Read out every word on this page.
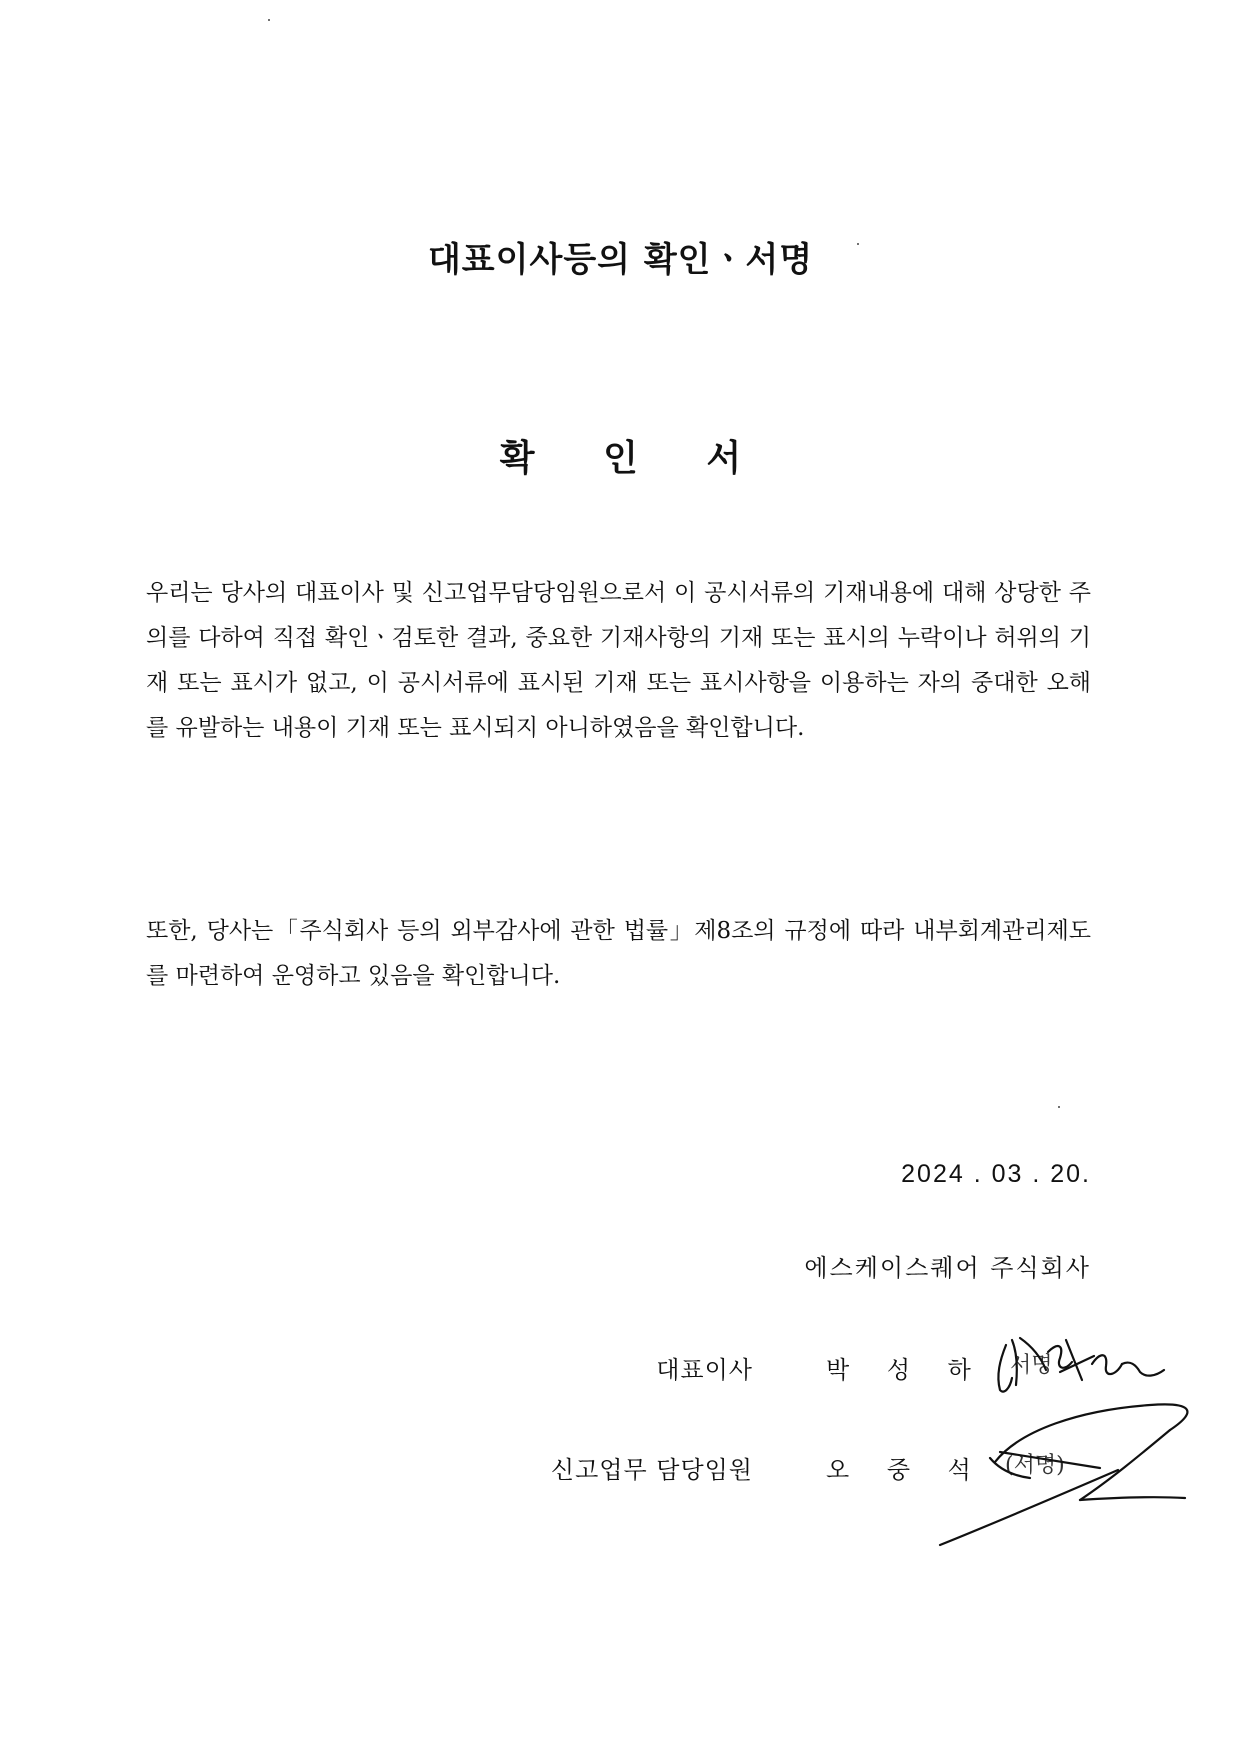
대표이사등의 확인ㆍ서명
확 인 서
우리는 당사의 대표이사 및 신고업무담당임원으로서 이 공시서류의 기재내용에 대해 상당한 주의를 다하여 직접 확인ㆍ검토한 결과, 중요한 기재사항의 기재 또는 표시의 누락이나 허위의 기재 또는 표시가 없고, 이 공시서류에 표시된 기재 또는 표시사항을 이용하는 자의 중대한 오해를 유발하는 내용이 기재 또는 표시되지 아니하였음을 확인합니다.
또한, 당사는「주식회사 등의 외부감사에 관한 법률」제8조의 규정에 따라 내부회계관리제도를 마련하여 운영하고 있음을 확인합니다.
2024 . 03 . 20.
에스케이스퀘어 주식회사
대표이사	박 성 하
신고업무 담당임원	오 중 석
서명
(서명)
